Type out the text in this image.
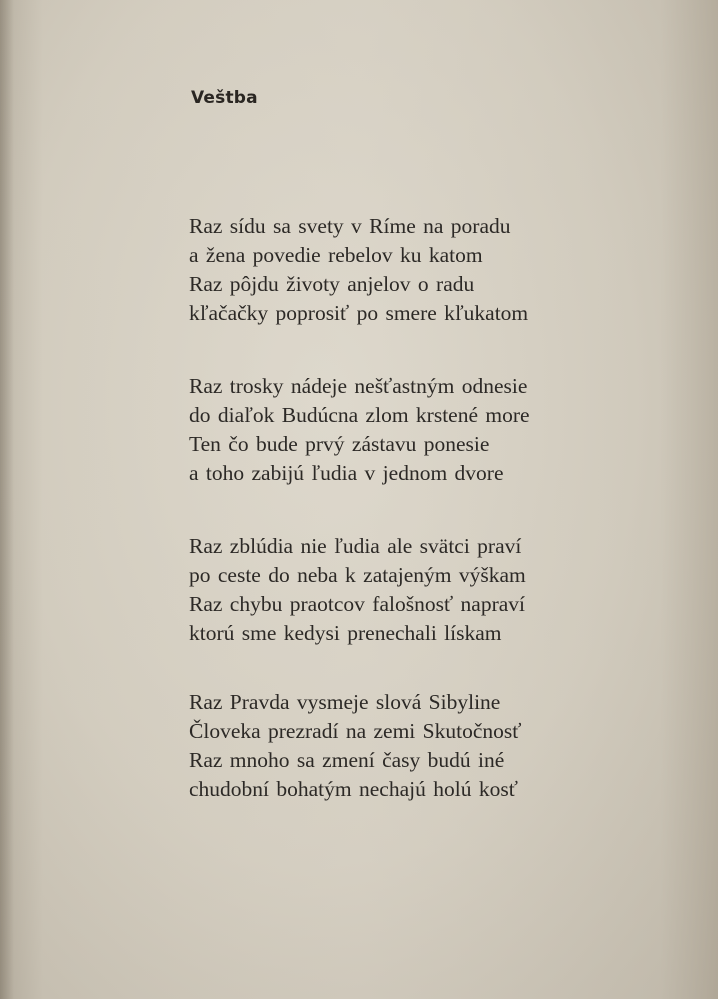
Veštba
Raz sídu sa svety v Ríme na poradu
a žena povedie rebelov ku katom
Raz pôjdu životy anjelov o radu
kľačačky poprosiť po smere kľukatom
Raz trosky nádeje nešťastným odnesie
do diaľok Budúcna zlom krstené more
Ten čo bude prvý zástavu ponesie
a toho zabijú ľudia v jednom dvore
Raz zblúdia nie ľudia ale svätci praví
po ceste do neba k zatajeným výškam
Raz chybu praotcov falošnosť napraví
ktorú sme kedysi prenechali lískam
Raz Pravda vysmeje slová Sibyline
Človeka prezradí na zemi Skutočnosť
Raz mnoho sa zmení časy budú iné
chudobní bohatým nechajú holú kosť
